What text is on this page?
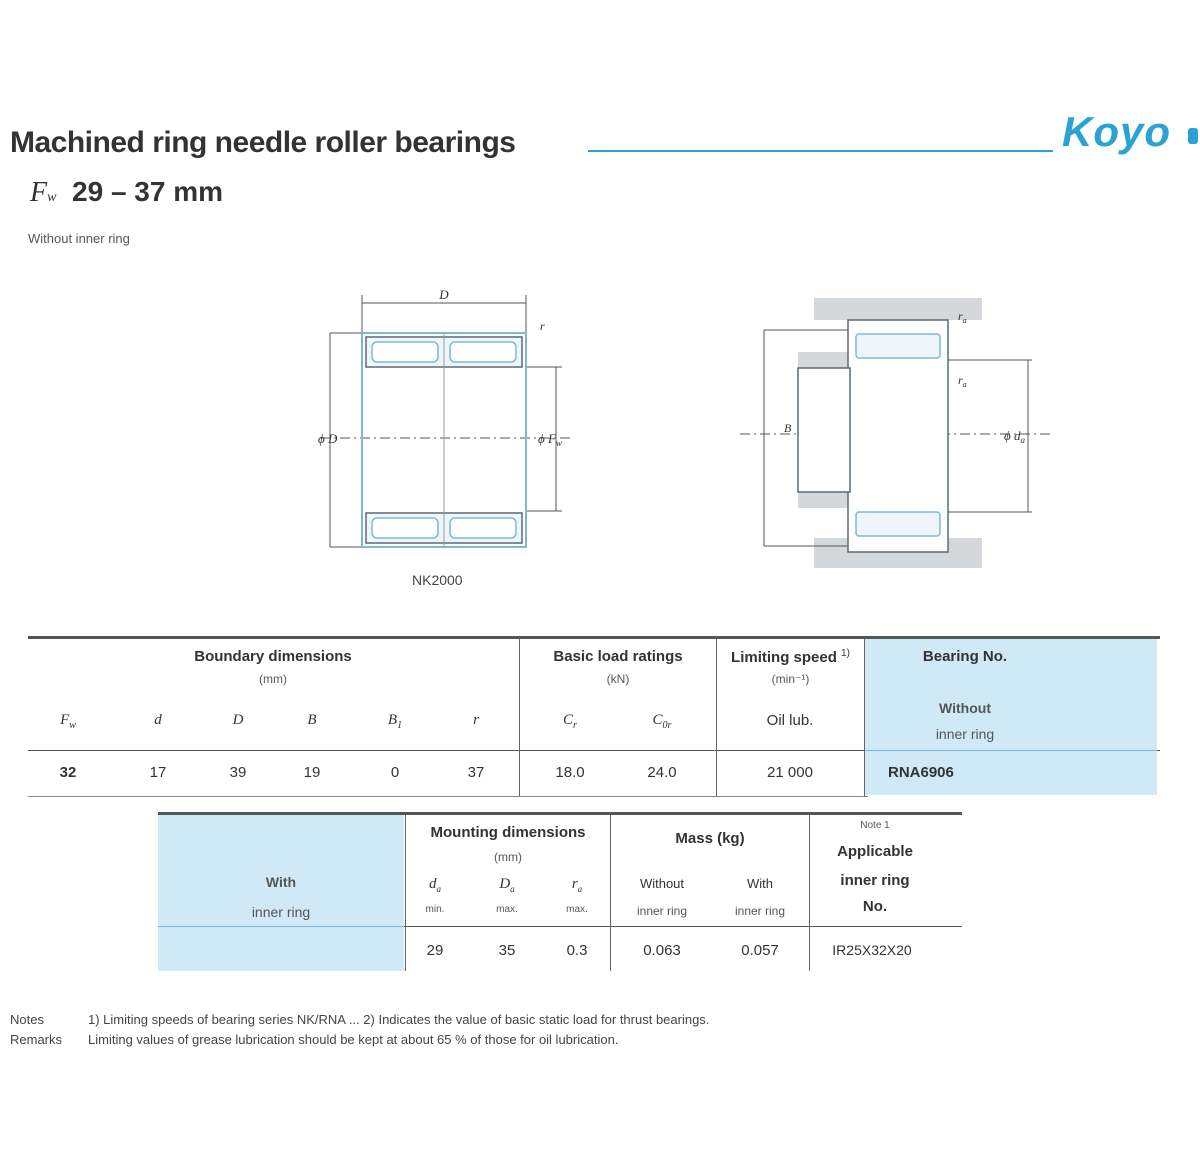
Machined ring needle roller bearings	Koyo
Fw 29 – 37 mm
Without inner ring
D
r
ϕ D	ϕ $F_w$
NK2000
$r_a$
$r_a$
B	ϕ $d_a$
Boundary dimensions
(mm)
Basic load ratings
(kN)
Limiting speed $^{1)}$
(min⁻¹)
Bearing No.
Without
inner ring
$F_w$	d	D	B	$B_1$	r	$C_r$	$C_{0r}$	Oil lub.
32	17	39	19	0	37	18.0	24.0	21 000	RNA6906
With
inner ring
Mounting dimensions
(mm)
Mass (kg)
Note 1
Applicable
inner ring
No.
$d_a$	$D_a$	$r_a$	Without	With
min.	max.	max.	inner ring	inner ring
29	35	0.3	0.063	0.057	IR25X32X20
Notes	1) Limiting speeds of bearing series NK/RNA ... 2) Indicates the value of basic static load for thrust bearings.
Remarks Limiting values of grease lubrication should be kept at about 65 % of those for oil lubrication.
